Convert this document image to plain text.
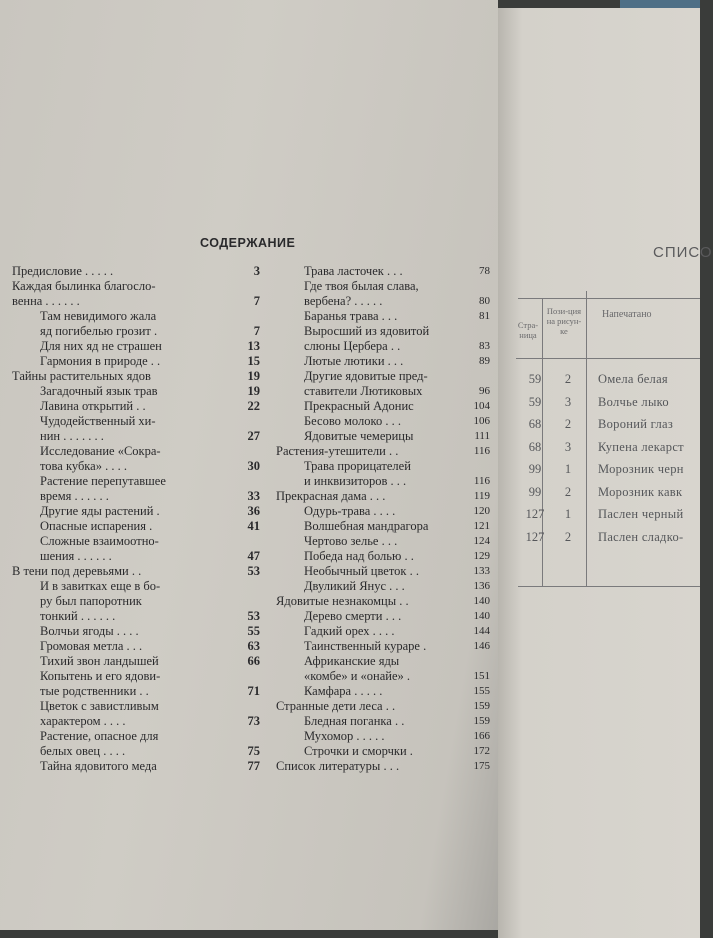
СОДЕРЖАНИЕ
Предисловие . . . . .	3
Каждая былинка благосло-
венна . . . . . .	7
Там невидимого жала
яд погибелью грозит .	7
Для них яд не страшен	13
Гармония в природе . .	15
Тайны растительных ядов	19
Загадочный язык трав	19
Лавина открытий . .	22
Чудодейственный хи-
нин . . . . . . .	27
Исследование «Сокра-
това кубка» . . . .	30
Растение перепутавшее
время . . . . . .	33
Другие яды растений .	36
Опасные испарения .	41
Сложные взаимоотно-
шения . . . . . .	47
В тени под деревьями . .	53
И в завитках еще в бо-
ру был папоротник
тонкий . . . . . .	53
Волчьи ягоды . . . .	55
Громовая метла . . .	63
Тихий звон ландышей	66
Копытень и его ядови-
тые родственники . .	71
Цветок с завистливым
характером . . . .	73
Растение, опасное для
белых овец . . . .	75
Тайна ядовитого меда	77
Трава ласточек . . .	78
Где твоя былая слава,
вербена? . . . . .	80
Баранья трава . . .	81
Выросший из ядовитой
слюны Цербера . .	83
Лютые лютики . . .	89
Другие ядовитые пред-
ставители Лютиковых	96
Прекрасный Адонис	104
Бесово молоко . . .	106
Ядовитые чемерицы	111
Растения-утешители . .	116
Трава прорицателей
и инквизиторов . . .	116
Прекрасная дама . . .	119
Одурь-трава . . . .	120
Волшебная мандрагора	121
Чертово зелье . . .	124
Победа над болью . .	129
Необычный цветок . .	133
Двуликий Янус . . .	136
Ядовитые незнакомцы . .	140
Дерево смерти . . .	140
Гадкий орех . . . .	144
Таинственный кураре .	146
Африканские яды
«комбе» и «онайе» .	151
Камфара . . . . .	155
Странные дети леса . .	159
Бледная поганка . .	159
Мухомор . . . . .	166
Строчки и сморчки .	172
Список литературы . . .	175
СПИСО
Стра-ница
Пози-ция на рисун-ке
Напечатано
59	2	Омела белая
59	3	Волчье лыко
68	2	Вороний глаз
68	3	Купена лекарст
99	1	Морозник черн
99	2	Морозник кавк
127	1	Паслен черный
127	2	Паслен сладко-
